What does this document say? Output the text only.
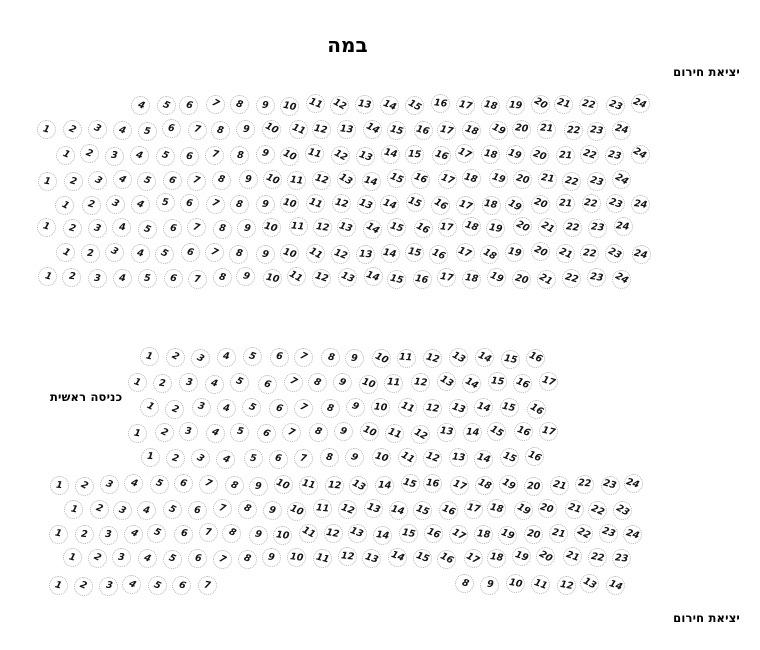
במה
יציאת חירום
כניסה ראשית
יציאת חירום
4 5 6 7 8 9 10 11 12 13 14 15 16 17 18 19 20 21 22 23 24
1 2 3 4 5 6 7 8 9 10 11 12 13 14 15 16 17 18 19 20 21 22 23 24
1 2 3 4 5 6 7 8 9 10 11 12 13 14 15 16 17 18 19 20 21 22 23 24
1 2 3 4 5 6 7 8 9 10 11 12 13 14 15 16 17 18 19 20 21 22 23 24
1 2 3 4 5 6 7 8 9 10 11 12 13 14 15 16 17 18 19 20 21 22 23 24
1 2 3 4 5 6 7 8 9 10 11 12 13 14 15 16 17 18 19 20 21 22 23 24
1 2 3 4 5 6 7 8 9 10 11 12 13 14 15 16 17 18 19 20 21 22 23 24
1 2 3 4 5 6 7 8 9 10 11 12 13 14 15 16 17 18 19 20 21 22 23 24
1 2 3 4 5 6 7 8 9 10 11 12 13 14 15 16
1 2 3 4 5 6 7 8 9 10 11 12 13 14 15 16 17
1 2 3 4 5 6 7 8 9 10 11 12 13 14 15 16
1 2 3 4 5 6 7 8 9 10 11 12 13 14 15 16 17
1 2 3 4 5 6 7 8 9 10 11 12 13 14 15 16
1 2 3 4 5 6 7 8 9 10 11 12 13 14 15 16 17 18 19 20 21 22 23 24
1 2 3 4 5 6 7 8 9 10 11 12 13 14 15 16 17 18 19 20 21 22 23
1 2 3 4 5 6 7 8 9 10 11 12 13 14 15 16 17 18 19 20 21 22 23 24
1 2 3 4 5 6 7 8 9 10 11 12 13 14 15 16 17 18 19 20 21 22 23
1 2 3 4 5 6 7	8 9 10 11 12 13 14
